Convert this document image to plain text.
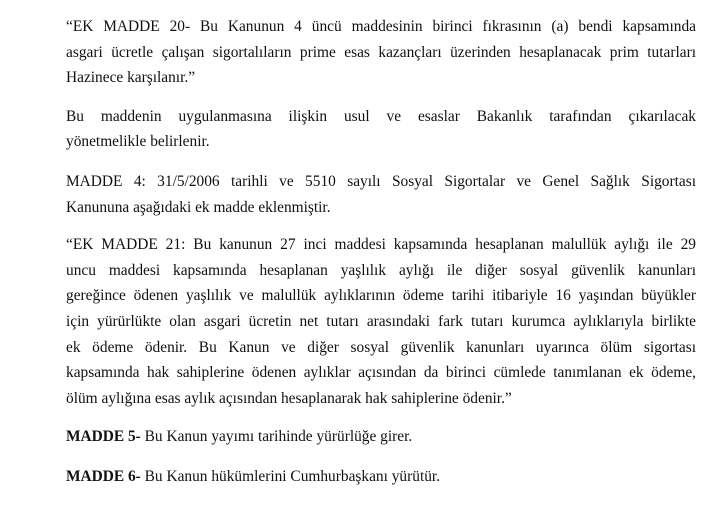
“EK MADDE 20- Bu Kanunun 4 üncü maddesinin birinci fıkrasının (a) bendi kapsamında
asgari ücretle çalışan sigortalıların prime esas kazançları üzerinden hesaplanacak prim tutarları
Hazinece karşılanır.”

Bu maddenin uygulanmasına ilişkin usul ve esaslar Bakanlık tarafından çıkarılacak
yönetmelikle belirlenir.

MADDE 4: 31/5/2006 tarihli ve 5510 sayılı Sosyal Sigortalar ve Genel Sağlık Sigortası
Kanununa aşağıdaki ek madde eklenmiştir.

“EK MADDE 21: Bu kanunun 27 inci maddesi kapsamında hesaplanan malullük aylığı ile 29
uncu maddesi kapsamında hesaplanan yaşlılık aylığı ile diğer sosyal güvenlik kanunları
gereğince ödenen yaşlılık ve malullük aylıklarının ödeme tarihi itibariyle 16 yaşından büyükler
için yürürlükte olan asgari ücretin net tutarı arasındaki fark tutarı kurumca aylıklarıyla birlikte
ek ödeme ödenir. Bu Kanun ve diğer sosyal güvenlik kanunları uyarınca ölüm sigortası
kapsamında hak sahiplerine ödenen aylıklar açısından da birinci cümlede tanımlanan ek ödeme,
ölüm aylığına esas aylık açısından hesaplanarak hak sahiplerine ödenir.”

MADDE 5- Bu Kanun yayımı tarihinde yürürlüğe girer.

MADDE 6- Bu Kanun hükümlerini Cumhurbaşkanı yürütür.
